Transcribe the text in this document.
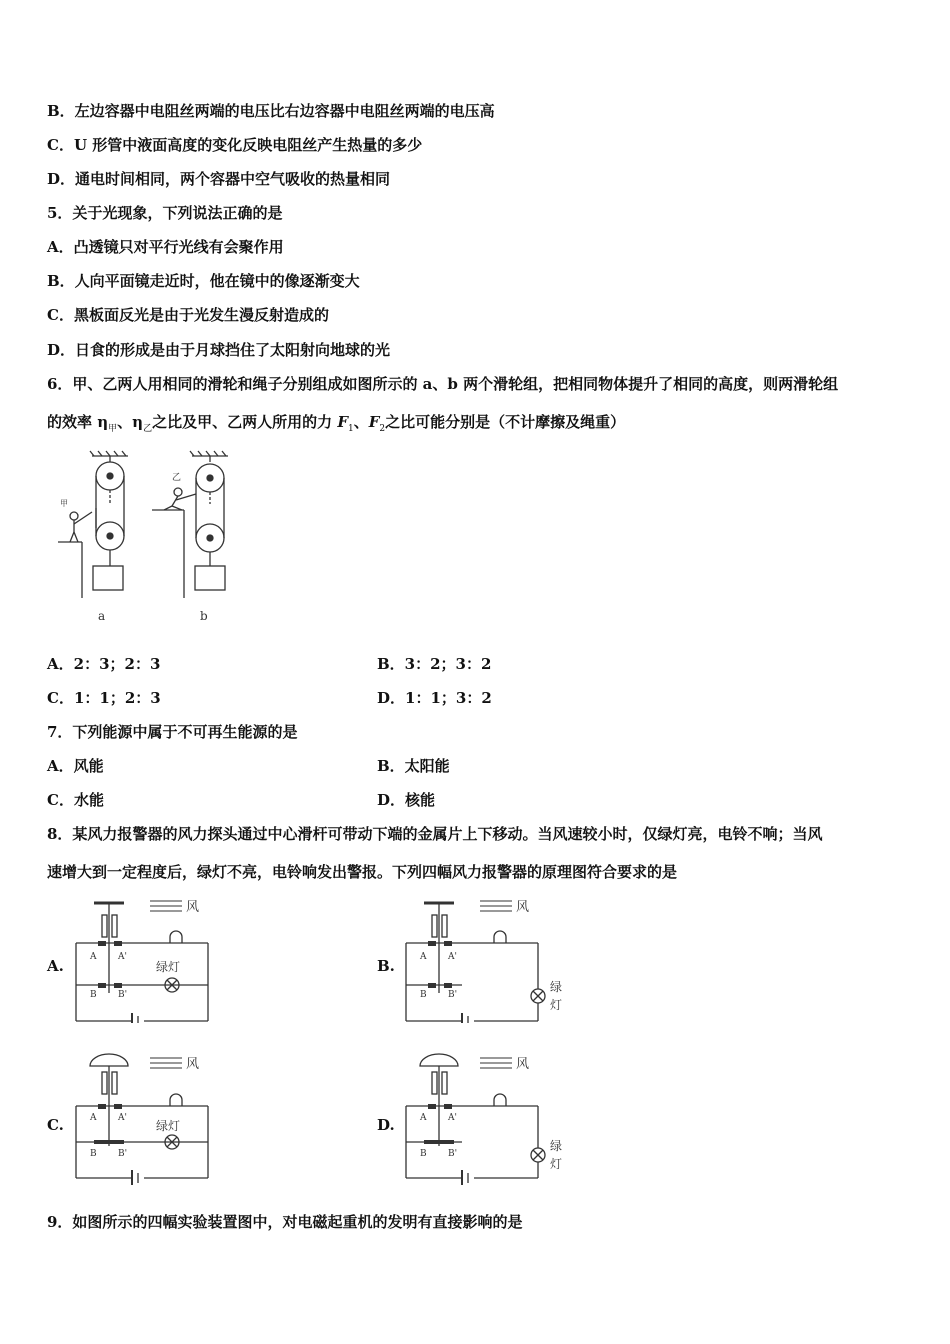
B．左边容器中电阻丝两端的电压比右边容器中电阻丝两端的电压高
C．U 形管中液面高度的变化反映电阻丝产生热量的多少
D．通电时间相同，两个容器中空气吸收的热量相同
5．关于光现象，下列说法正确的是
A．凸透镜只对平行光线有会聚作用
B．人向平面镜走近时，他在镜中的像逐渐变大
C．黑板面反光是由于光发生漫反射造成的
D．日食的形成是由于月球挡住了太阳射向地球的光
6．甲、乙两人用相同的滑轮和绳子分别组成如图所示的 a、b 两个滑轮组，把相同物体提升了相同的高度，则两滑轮组
的效率 $\eta_甲$、$\eta_乙$之比及甲、乙两人所用的力 $F_1$、$F_2$之比可能分别是（不计摩擦及绳重）
甲
乙
a	b
A．2：3；2：3	B．3：2；3：2
C．1：1；2：3	D．1：1；3：2
7．下列能源中属于不可再生能源的是
A．风能	B．太阳能
C．水能	D．核能
8．某风力报警器的风力探头通过中心滑杆可带动下端的金属片上下移动。当风速较小时，仅绿灯亮，电铃不响；当风
速增大到一定程度后，绿灯不亮，电铃响发出警报。下列四幅风力报警器的原理图符合要求的是
A.
风
绿灯
A A'
B B'
B.
风
绿
灯
A A'
B B'
C.
风
绿灯
A A'
B B'
D.
风
绿
灯
A A'
B B'
9．如图所示的四幅实验装置图中，对电磁起重机的发明有直接影响的是
